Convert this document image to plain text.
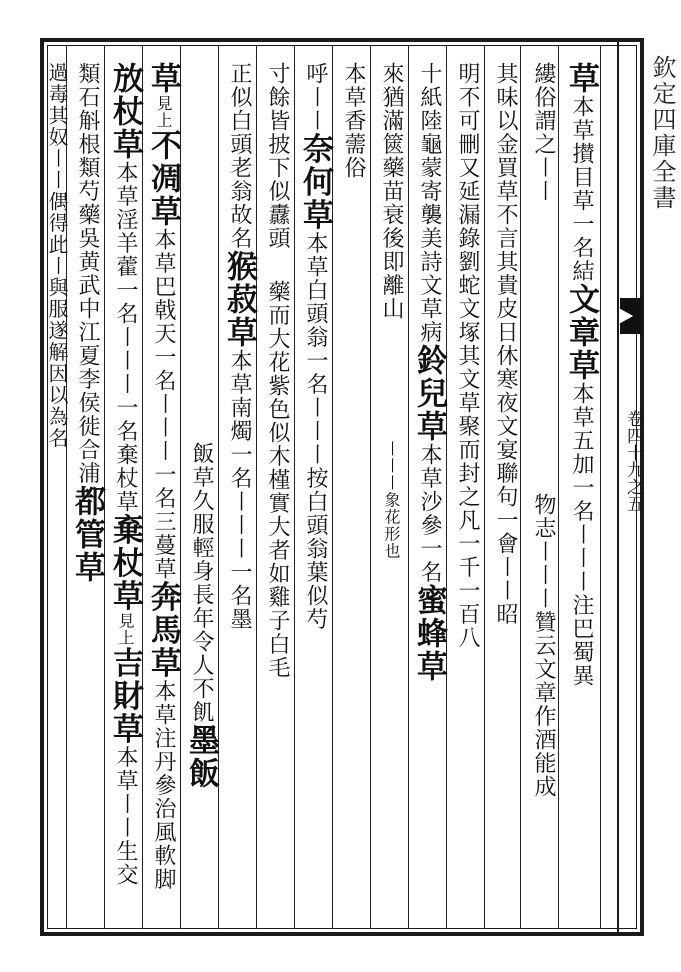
欽定四庫全書
卷四十九之五
草本草攅目草一名結文章草本草五加一名〡〡〡注巴蜀異
縷俗謂之〡〡物志〡〡〡贊云文章作酒能成
其味以金買草不言其貴皮日休寒夜文宴聯句一會〡〡昭
明不可刪又延漏錄劉蛇文塚其文草聚而封之凡一千一百八
十紙陸龜蒙寄襲美詩文草病鈴兒草本草沙參一名蜜蜂草
來猶滿篋藥苗衰後即離山〡〡〡象花形也
本草香薷俗
呼〡〡奈何草本草白頭翁一名〡〡〡按白頭翁葉似芍
寸餘皆披下似纛頭藥而大花紫色似木槿實大者如雞子白毛
正似白頭老翁故名猴菽草本草南燭一名〡〡〡一名墨
飯草久服輕身長年令人不飢墨飯
草見上不凋草本草巴戟天一名〡〡〡一名三蔓草奔馬草本草注丹參治風軟脚
放杖草本草淫羊藿一名〡〡〡一名棄杖草棄杖草見上吉財草本草〡〡生交
類石斛根類芍藥吳黄武中江夏李侯徙合浦都管草
過毒其奴〡〡偶得此〡與服遂解因以為名
